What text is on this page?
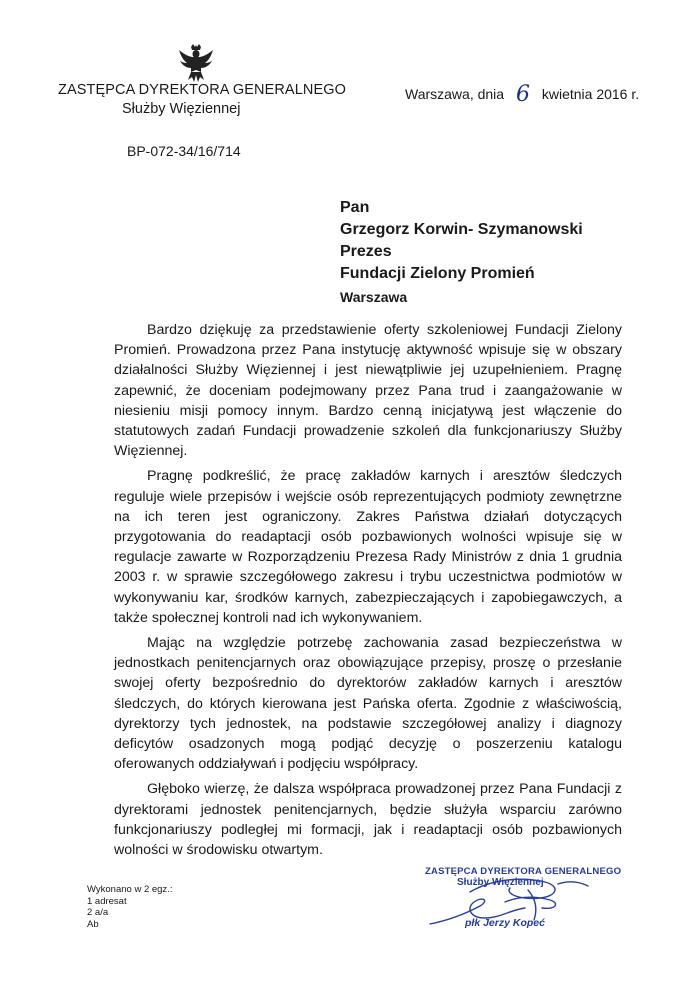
ZASTĘPCA DYREKTORA GENERALNEGO
Służby Więziennej
Warszawa, dnia 6 kwietnia 2016 r.
BP-072-34/16/714
Pan
Grzegorz Korwin- Szymanowski
Prezes
Fundacji Zielony Promień
Warszawa

Bardzo dziękuję za przedstawienie oferty szkoleniowej Fundacji Zielony Promień. Prowadzona przez Pana instytucję aktywność wpisuje się w obszary działalności Służby Więziennej i jest niewątpliwie jej uzupełnieniem. Pragnę zapewnić, że doceniam podejmowany przez Pana trud i zaangażowanie w niesieniu misji pomocy innym. Bardzo cenną inicjatywą jest włączenie do statutowych zadań Fundacji prowadzenie szkoleń dla funkcjonariuszy Służby Więziennej.

Pragnę podkreślić, że pracę zakładów karnych i aresztów śledczych reguluje wiele przepisów i wejście osób reprezentujących podmioty zewnętrzne na ich teren jest ograniczony. Zakres Państwa działań dotyczących przygotowania do readaptacji osób pozbawionych wolności wpisuje się w regulacje zawarte w Rozporządzeniu Prezesa Rady Ministrów z dnia 1 grudnia 2003 r. w sprawie szczegółowego zakresu i trybu uczestnictwa podmiotów w wykonywaniu kar, środków karnych, zabezpieczających i zapobiegawczych, a także społecznej kontroli nad ich wykonywaniem.

Mając na względzie potrzebę zachowania zasad bezpieczeństwa w jednostkach penitencjarnych oraz obowiązujące przepisy, proszę o przesłanie swojej oferty bezpośrednio do dyrektorów zakładów karnych i aresztów śledczych, do których kierowana jest Pańska oferta. Zgodnie z właściwością, dyrektorzy tych jednostek, na podstawie szczegółowej analizy i diagnozy deficytów osadzonych mogą podjąć decyzję o poszerzeniu katalogu oferowanych oddziaływań i podjęciu współpracy.

Głęboko wierzę, że dalsza współpraca prowadzonej przez Pana Fundacji z dyrektorami jednostek penitencjarnych, będzie służyła wsparciu zarówno funkcjonariuszy podległej mi formacji, jak i readaptacji osób pozbawionych wolności w środowisku otwartym.

Wykonano w 2 egz.:
1 adresat
2 a/a
Ab
ZASTĘPCA DYREKTORA GENERALNEGO
Służby Więziennej
płk Jerzy Kopeć
